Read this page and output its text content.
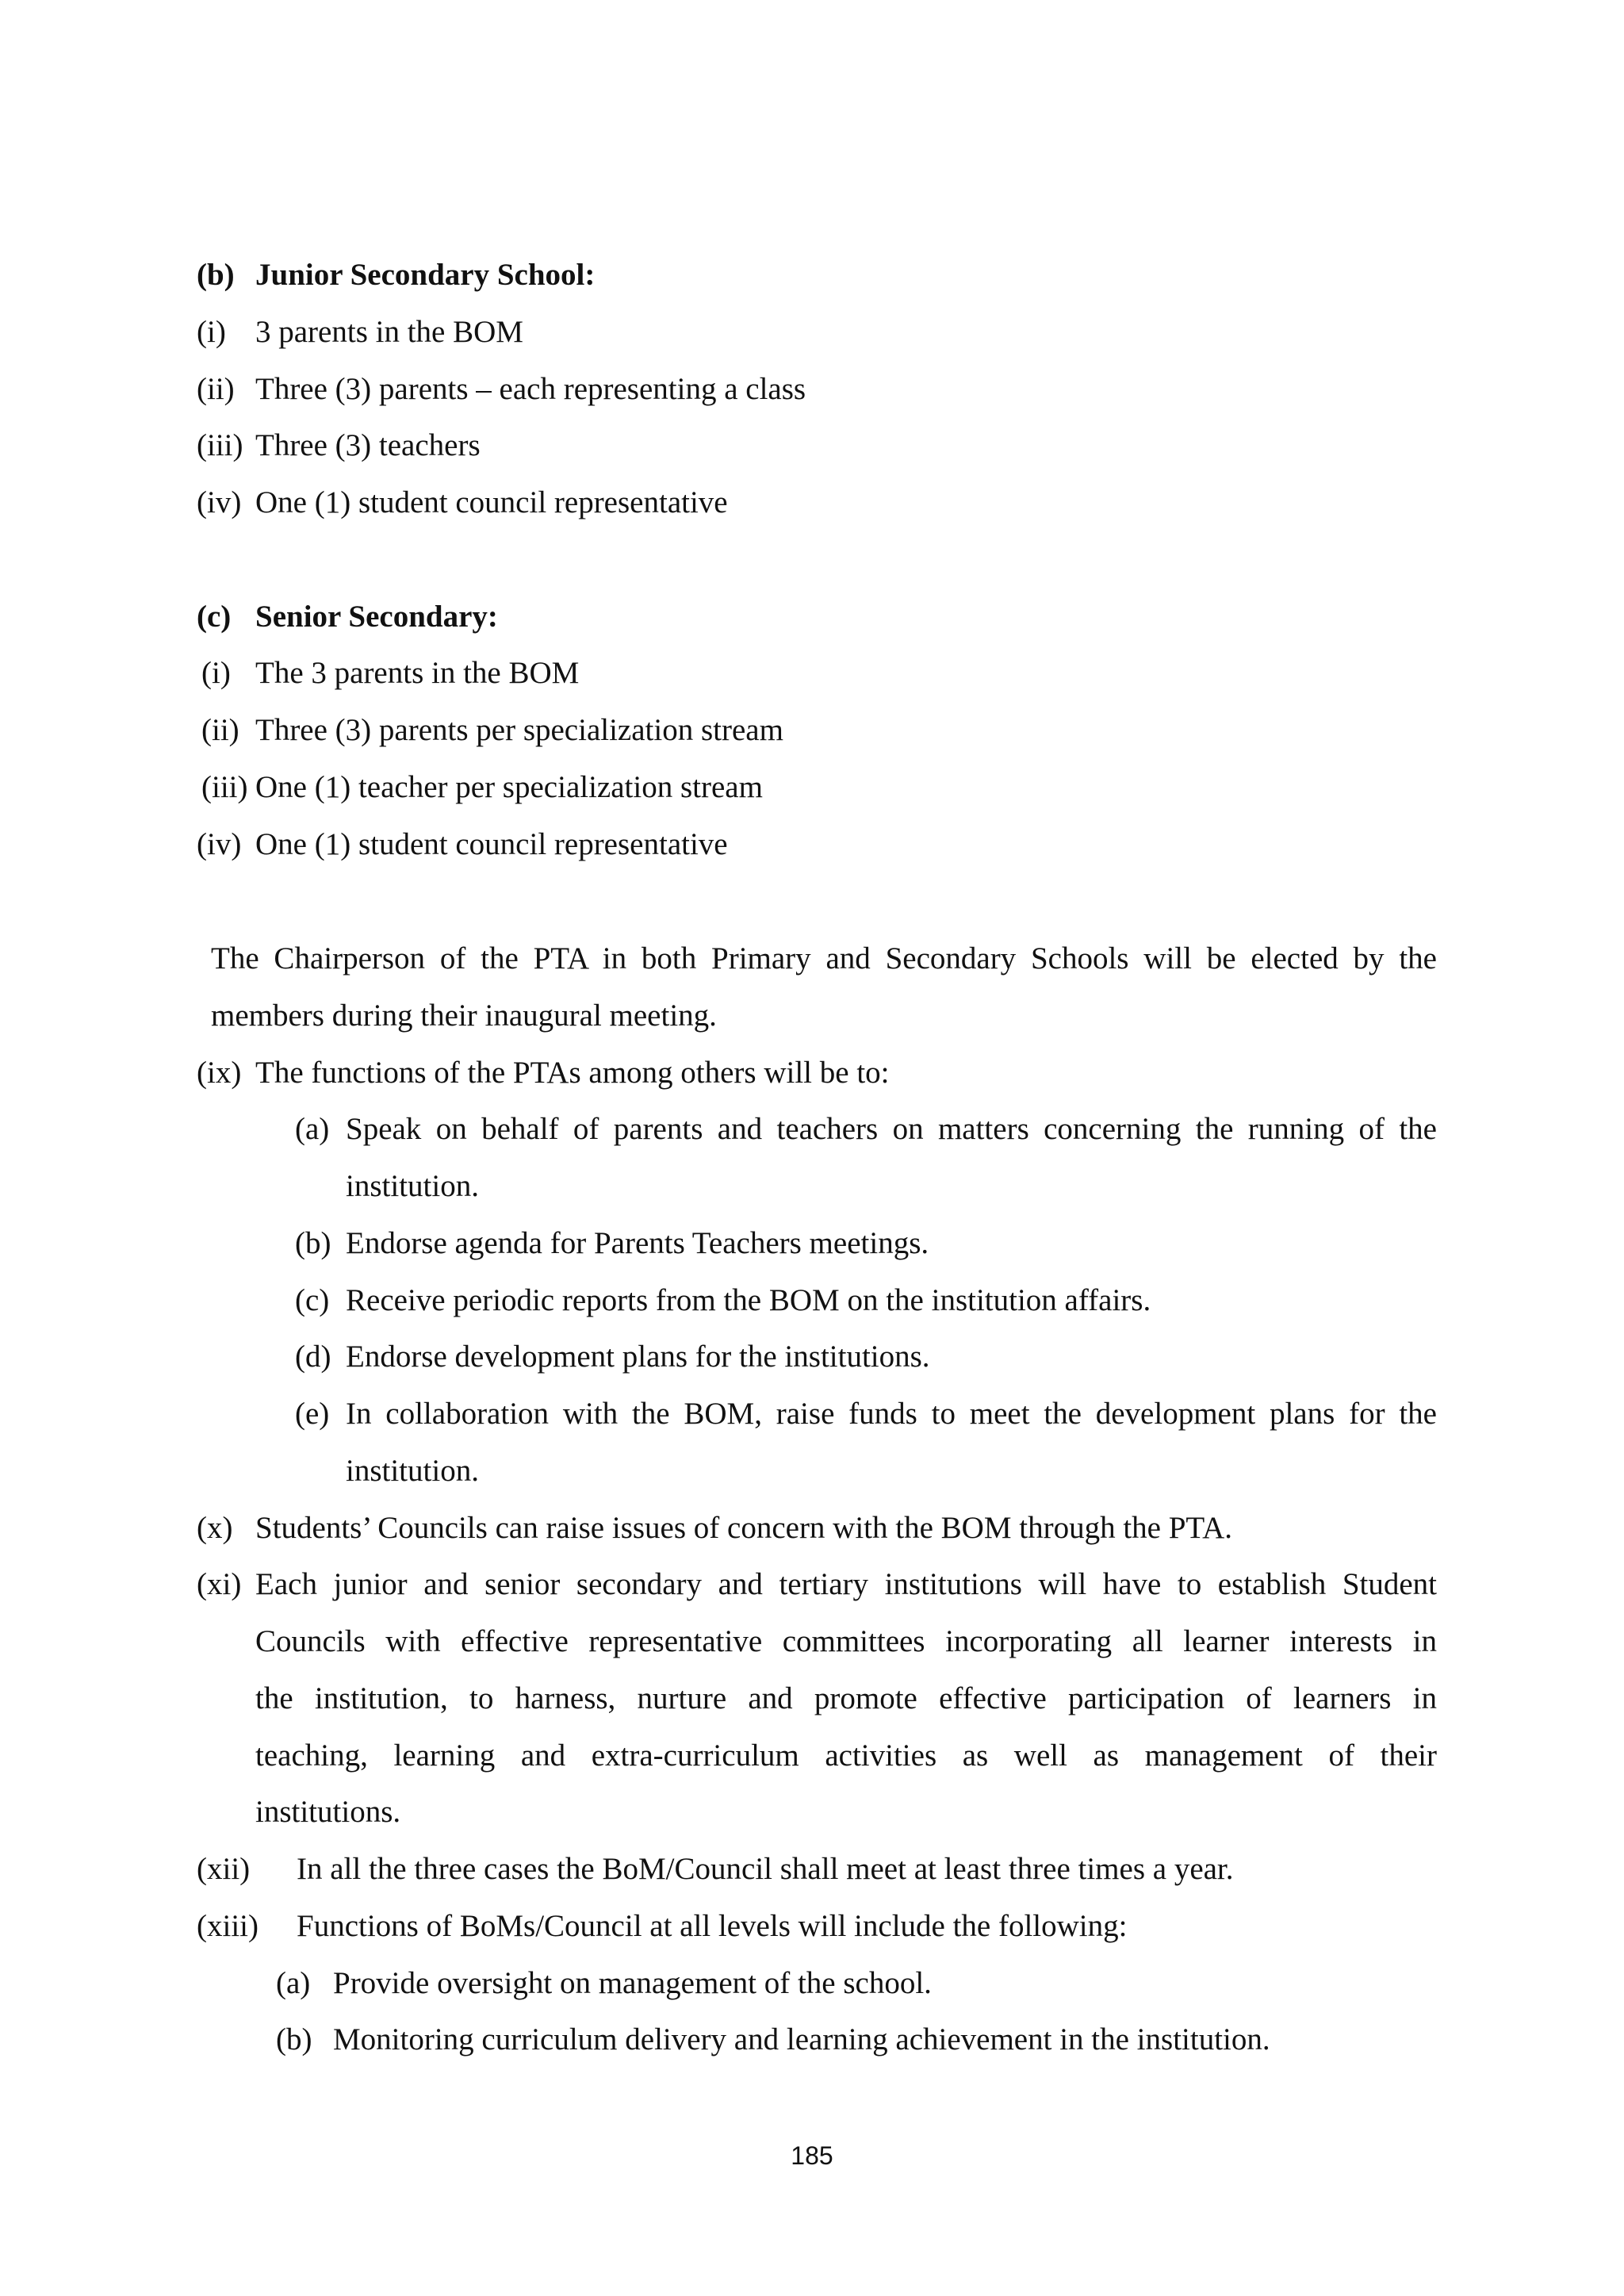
(b) Junior Secondary School:
(i) 3 parents in the BOM
(ii) Three (3) parents – each representing a class
(iii) Three (3) teachers
(iv) One (1) student council representative
(c) Senior Secondary:
(i) The 3 parents in the BOM
(ii) Three (3) parents per specialization stream
(iii) One (1) teacher per specialization stream
(iv) One (1) student council representative
The Chairperson of the PTA in both Primary and Secondary Schools will be elected by the
members during their inaugural meeting.
(ix) The functions of the PTAs among others will be to:
(a) Speak on behalf of parents and teachers on matters concerning the running of the
institution.
(b) Endorse agenda for Parents Teachers meetings.
(c) Receive periodic reports from the BOM on the institution affairs.
(d) Endorse development plans for the institutions.
(e) In collaboration with the BOM, raise funds to meet the development plans for the
institution.
(x) Students’ Councils can raise issues of concern with the BOM through the PTA.
(xi) Each junior and senior secondary and tertiary institutions will have to establish Student
Councils with effective representative committees incorporating all learner interests in
the institution, to harness, nurture and promote effective participation of learners in
teaching, learning and extra-curriculum activities as well as management of their
institutions.
(xii) In all the three cases the BoM/Council shall meet at least three times a year.
(xiii) Functions of BoMs/Council at all levels will include the following:
(a) Provide oversight on management of the school.
(b) Monitoring curriculum delivery and learning achievement in the institution.
185
